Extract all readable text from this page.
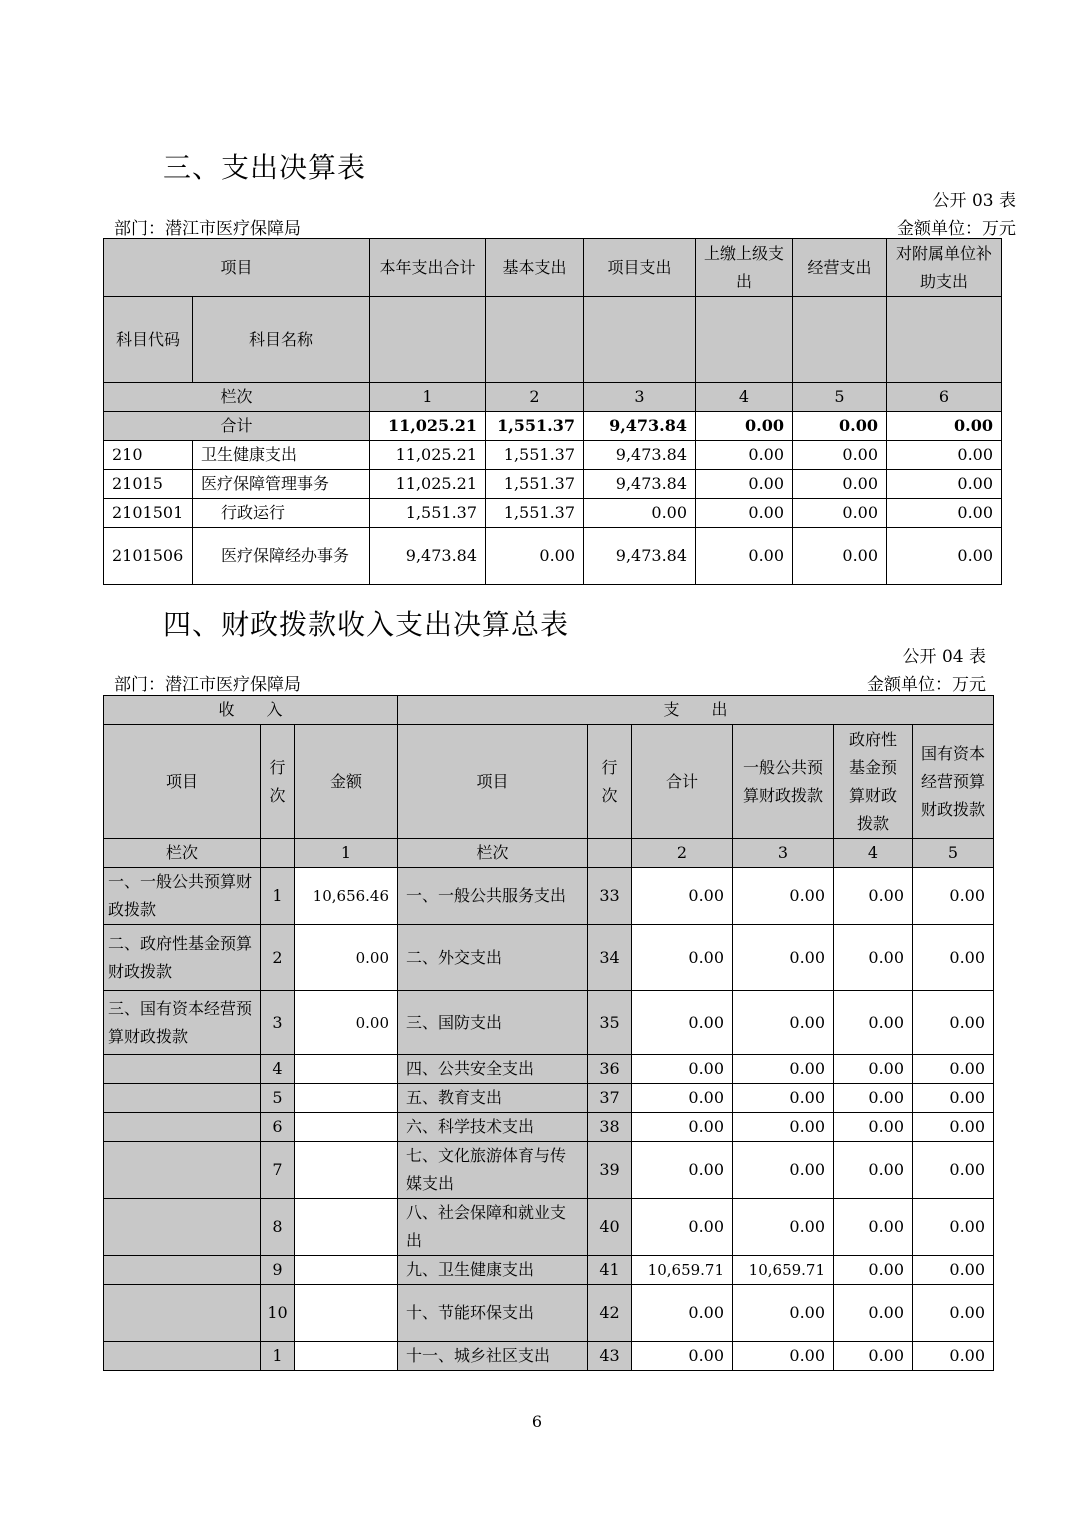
三、支出决算表
公开 03 表
部门：潜江市医疗保障局	金额单位：万元
项目		本年支出合计	基本支出	项目支出	上缴上级支出	经营支出	对附属单位补助支出
科目代码	科目名称						
栏次		1	2	3	4	5	6
合计		11,025.21	1,551.37	9,473.84	0.00	0.00	0.00
210	卫生健康支出	11,025.21	1,551.37	9,473.84	0.00	0.00	0.00
21015	医疗保障管理事务	11,025.21	1,551.37	9,473.84	0.00	0.00	0.00
2101501	行政运行	1,551.37	1,551.37	0.00	0.00	0.00	0.00
2101506	医疗保障经办事务	9,473.84	0.00	9,473.84	0.00	0.00	0.00
四、财政拨款收入支出决算总表
公开 04 表
部门：潜江市医疗保障局	金额单位：万元
收　　入			支　　出					
项目	行次	金额	项目	行次	合计	一般公共预算财政拨款	政府性基金预算财政拨款	国有资本经营预算财政拨款
栏次		1	栏次		2	3	4	5
一、一般公共预算财政拨款	1	10,656.46	一、一般公共服务支出	33	0.00	0.00	0.00	0.00
二、政府性基金预算财政拨款	2	0.00	二、外交支出	34	0.00	0.00	0.00	0.00
三、国有资本经营预算财政拨款	3	0.00	三、国防支出	35	0.00	0.00	0.00	0.00
	4		四、公共安全支出	36	0.00	0.00	0.00	0.00
	5		五、教育支出	37	0.00	0.00	0.00	0.00
	6		六、科学技术支出	38	0.00	0.00	0.00	0.00
	7		七、文化旅游体育与传媒支出	39	0.00	0.00	0.00	0.00
	8		八、社会保障和就业支出	40	0.00	0.00	0.00	0.00
	9		九、卫生健康支出	41	10,659.71	10,659.71	0.00	0.00
	10		十、节能环保支出	42	0.00	0.00	0.00	0.00
	1		十一、城乡社区支出	43	0.00	0.00	0.00	0.00
6
